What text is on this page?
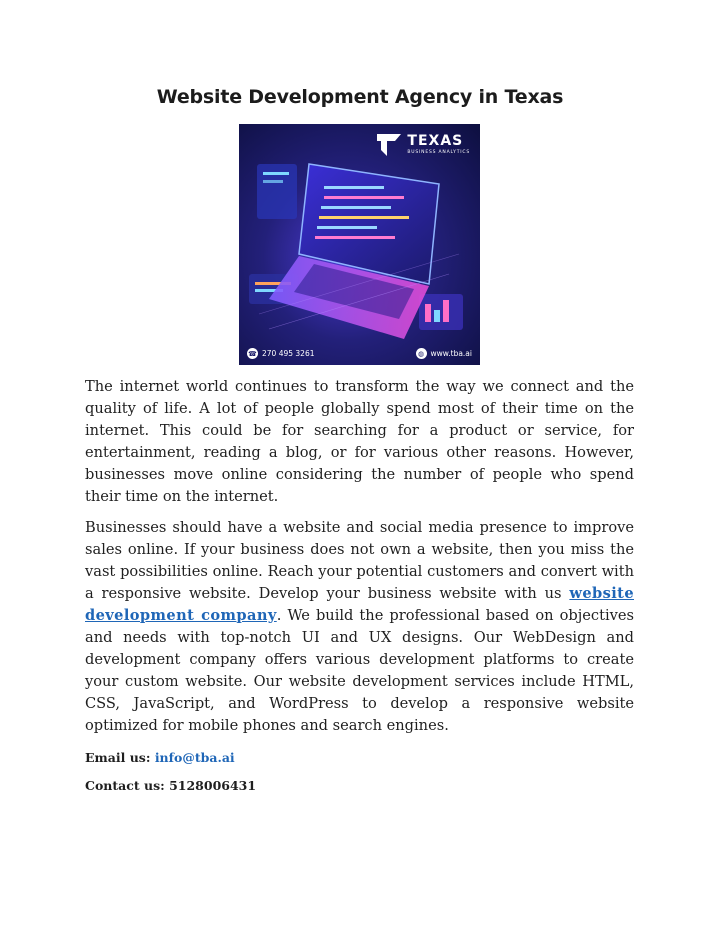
Website Development Agency in Texas
TEXAS
BUSINESS ANALYTICS
☎ 270 495 3261	◍ www.tba.ai

The internet world continues to transform the way we connect and the quality of life. A lot of people globally spend most of their time on the internet. This could be for searching for a product or service, for entertainment, reading a blog, or for various other reasons. However, businesses move online considering the number of people who spend their time on the internet.

Businesses should have a website and social media presence to improve sales online. If your business does not own a website, then you miss the vast possibilities online. Reach your potential customers and convert with a responsive website. Develop your business website with us website development company. We build the professional based on objectives and needs with top-notch UI and UX designs. Our WebDesign and development company offers various development platforms to create your custom website. Our website development services include HTML, CSS, JavaScript, and WordPress to develop a responsive website optimized for mobile phones and search engines.

Email us: info@tba.ai
Contact us: 5128006431
